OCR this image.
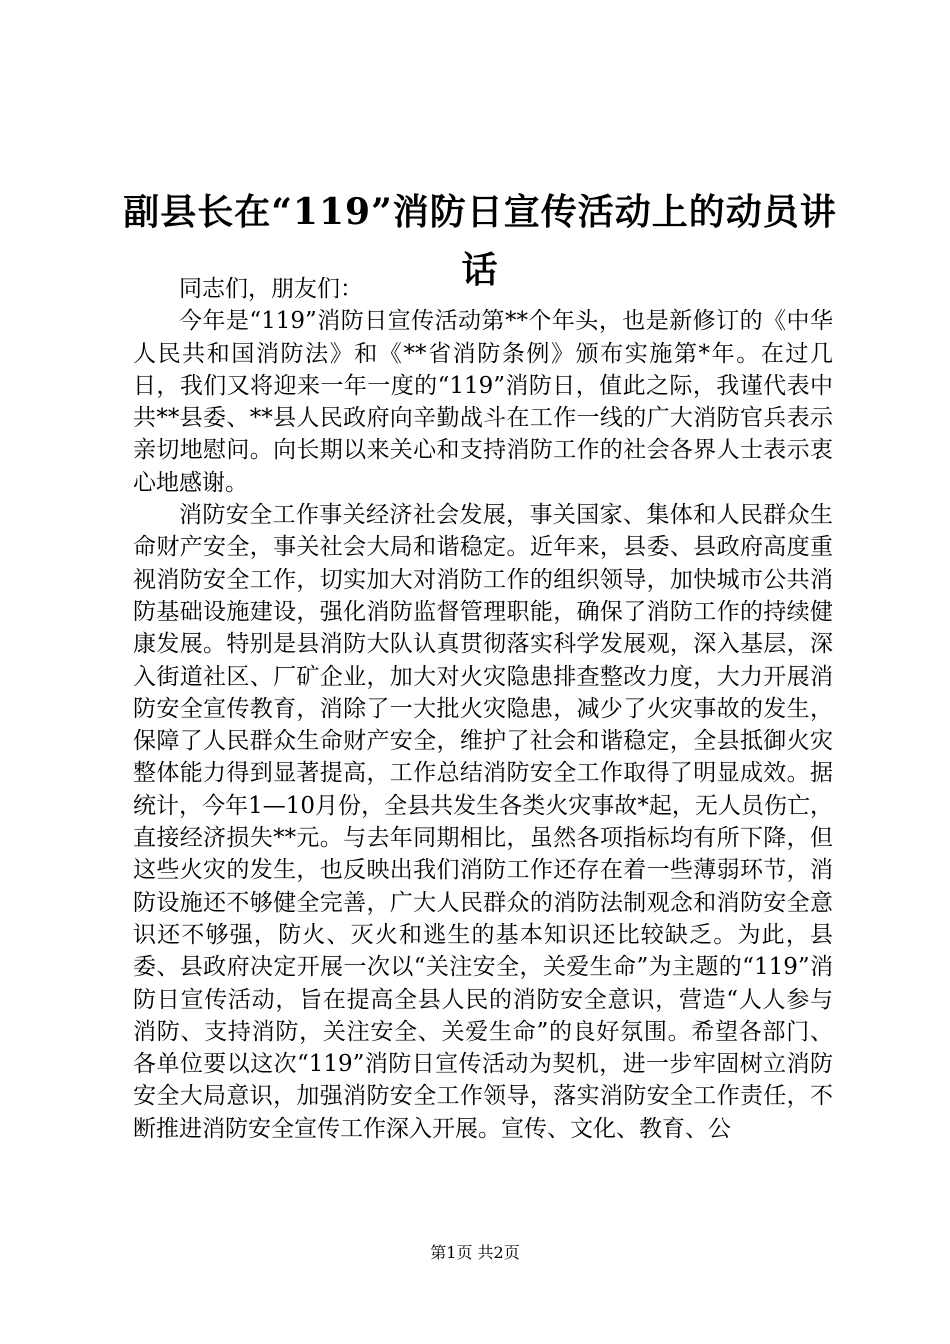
副县长在“119”消防日宣传活动上的动员讲话

同志们，朋友们：

今年是“119”消防日宣传活动第**个年头，也是新修订的《中华人民共和国消防法》和《**省消防条例》颁布实施第*年。在过几日，我们又将迎来一年一度的“119”消防日，值此之际，我谨代表中共**县委、**县人民政府向辛勤战斗在工作一线的广大消防官兵表示亲切地慰问。向长期以来关心和支持消防工作的社会各界人士表示衷心地感谢。

消防安全工作事关经济社会发展，事关国家、集体和人民群众生命财产安全，事关社会大局和谐稳定。近年来，县委、县政府高度重视消防安全工作，切实加大对消防工作的组织领导，加快城市公共消防基础设施建设，强化消防监督管理职能，确保了消防工作的持续健康发展。特别是县消防大队认真贯彻落实科学发展观，深入基层，深入街道社区、厂矿企业，加大对火灾隐患排查整改力度，大力开展消防安全宣传教育，消除了一大批火灾隐患，减少了火灾事故的发生，保障了人民群众生命财产安全，维护了社会和谐稳定，全县抵御火灾整体能力得到显著提高，工作总结消防安全工作取得了明显成效。据统计，今年1—10月份，全县共发生各类火灾事故*起，无人员伤亡，直接经济损失**元。与去年同期相比，虽然各项指标均有所下降，但这些火灾的发生，也反映出我们消防工作还存在着一些薄弱环节，消防设施还不够健全完善，广大人民群众的消防法制观念和消防安全意识还不够强，防火、灭火和逃生的基本知识还比较缺乏。为此，县委、县政府决定开展一次以“关注安全，关爱生命”为主题的“119”消防日宣传活动，旨在提高全县人民的消防安全意识，营造“人人参与消防、支持消防，关注安全、关爱生命”的良好氛围。希望各部门、各单位要以这次“119”消防日宣传活动为契机，进一步牢固树立消防安全大局意识，加强消防安全工作领导，落实消防安全工作责任，不断推进消防安全宣传工作深入开展。宣传、文化、教育、公

第1页 共2页
